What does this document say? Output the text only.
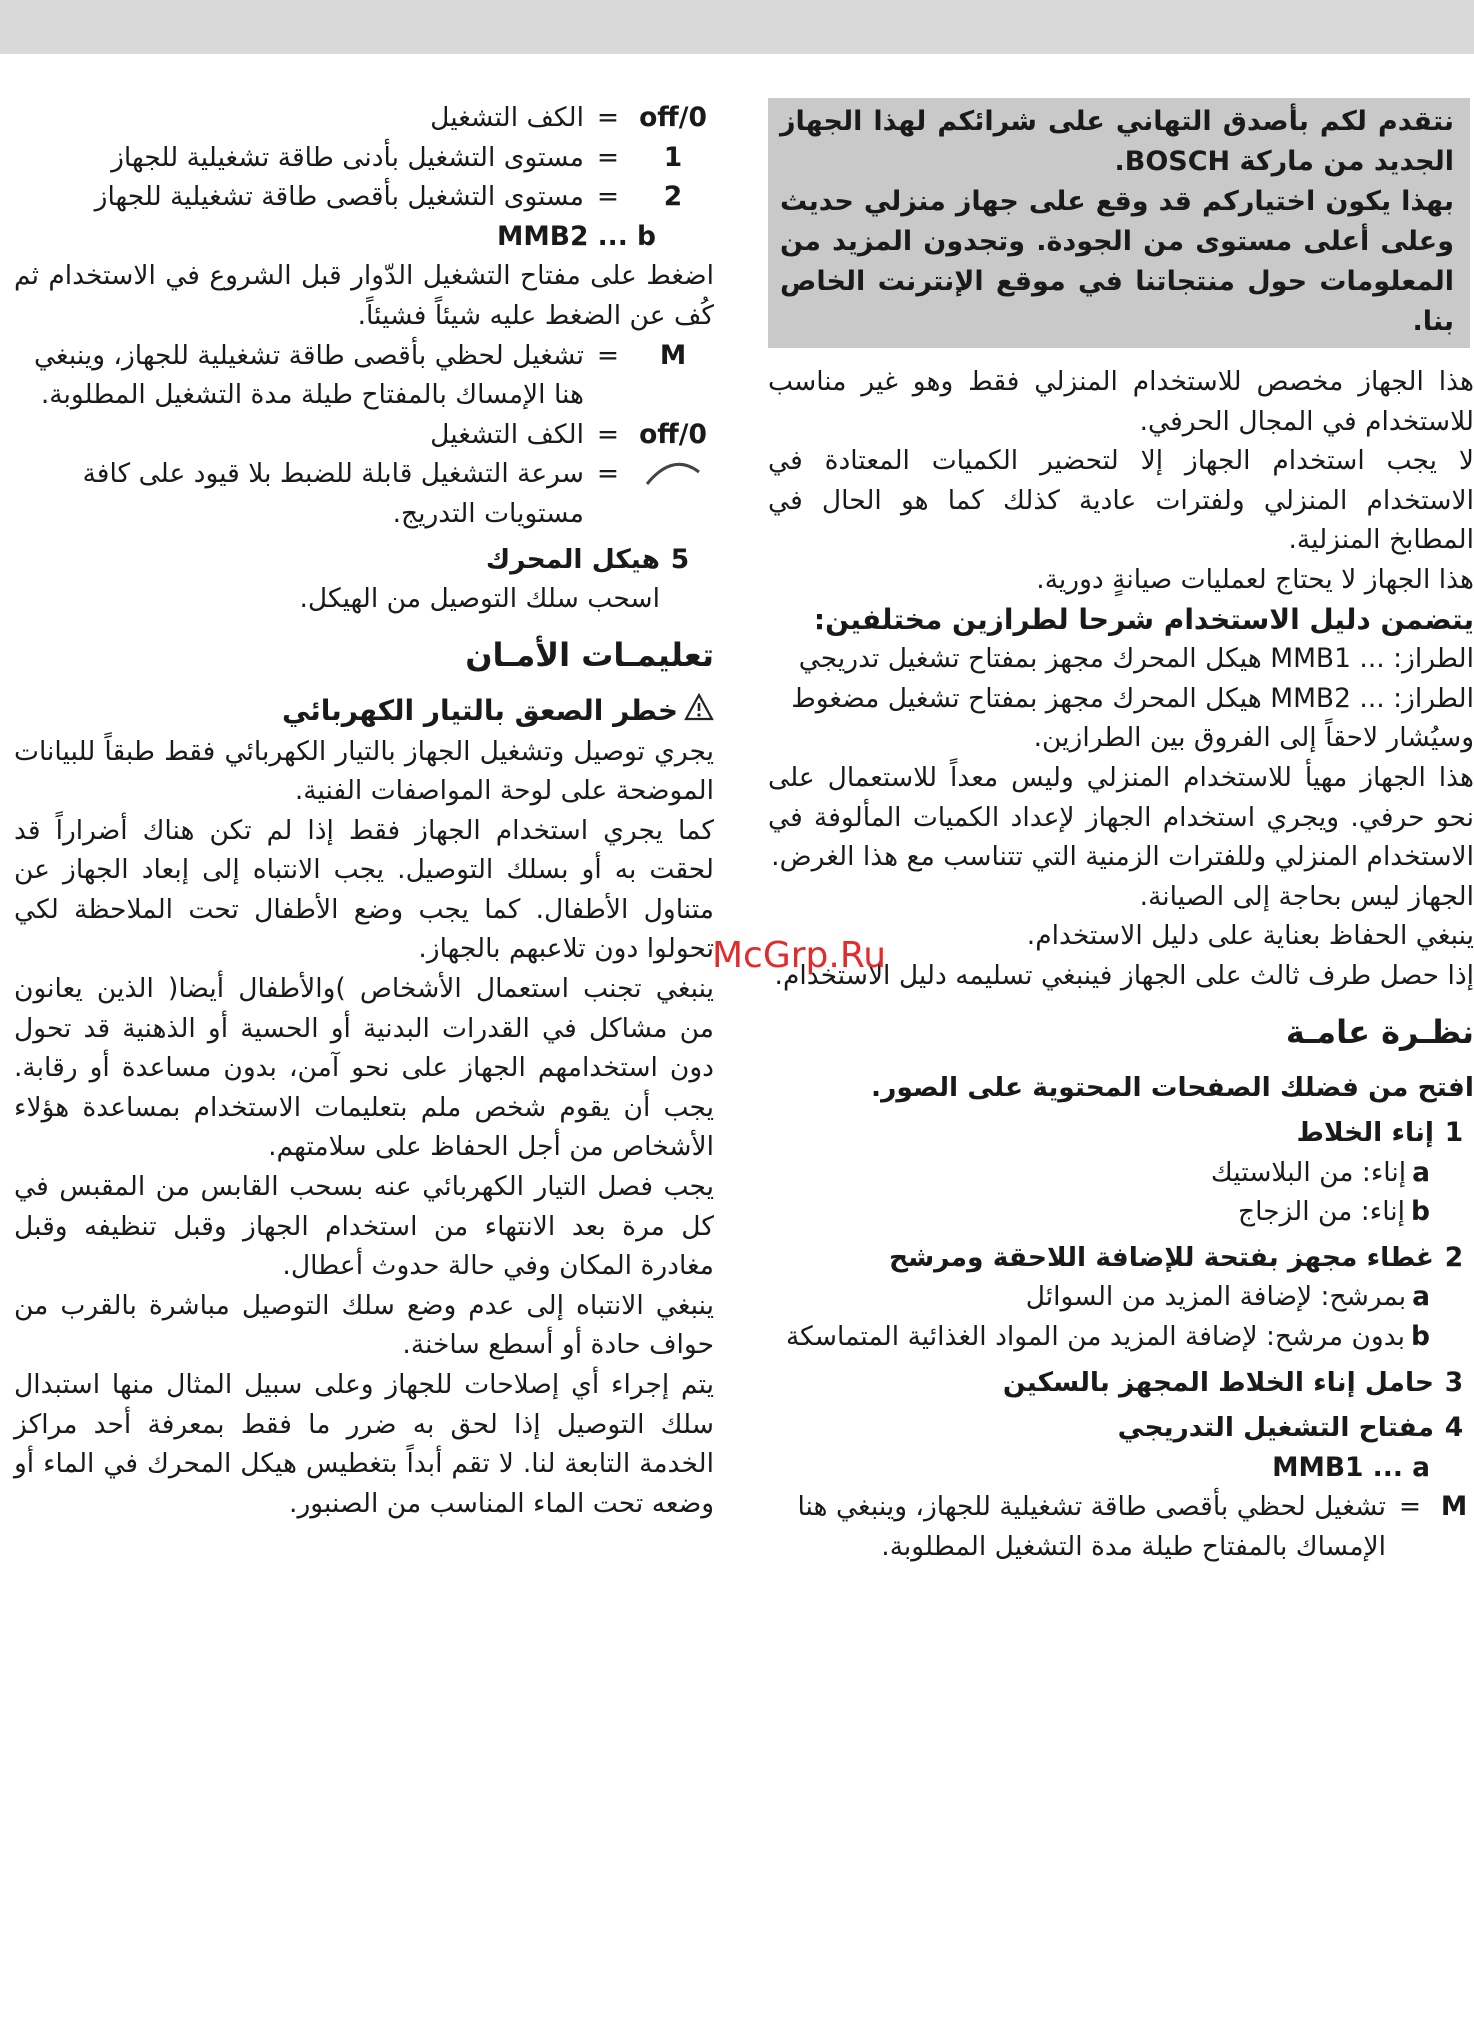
نتقدم لكم بأصدق التهاني على شرائكم لهذا الجهاز الجديد من ماركة BOSCH.

بهذا يكون اختياركم قد وقع على جهاز منزلي حديث وعلى أعلى مستوى من الجودة. وتجدون المزيد من المعلومات حول منتجاتنا في موقع الإنترنت الخاص بنا.

هذا الجهاز مخصص للاستخدام المنزلي فقط وهو غير مناسب للاستخدام في المجال الحرفي.

لا يجب استخدام الجهاز إلا لتحضير الكميات المعتادة في الاستخدام المنزلي ولفترات عادية كذلك كما هو الحال في المطابخ المنزلية.

هذا الجهاز لا يحتاج لعمليات صيانةٍ دورية.

يتضمن دليل الاستخدام شرحا لطرازين مختلفين:

الطراز: ... MMB1 هيكل المحرك مجهز بمفتاح تشغيل تدريجي

الطراز: ... MMB2 هيكل المحرك مجهز بمفتاح تشغيل مضغوط

وسيُشار لاحقاً إلى الفروق بين الطرازين.

هذا الجهاز مهيأ للاستخدام المنزلي وليس معداً للاستعمال على نحو حرفي. ويجري استخدام الجهاز لإعداد الكميات المألوفة في الاستخدام المنزلي وللفترات الزمنية التي تتناسب مع هذا الغرض.

الجهاز ليس بحاجة إلى الصيانة.

ينبغي الحفاظ بعناية على دليل الاستخدام.

إذا حصل طرف ثالث على الجهاز فينبغي تسليمه دليل الاستخدام.

نظـرة عامـة

افتح من فضلك الصفحات المحتوية على الصور.

1
إناء الخلاط
a
إناء: من البلاستيك
b
إناء: من الزجاج
2
غطاء مجهز بفتحة للإضافة اللاحقة ومرشح
a
بمرشح: لإضافة المزيد من السوائل
b
بدون مرشح: لإضافة المزيد من المواد الغذائية المتماسكة
3
حامل إناء الخلاط المجهز بالسكين
4
مفتاح التشغيل التدريجي
MMB1 ... a
M
=
تشغيل لحظي بأقصى طاقة تشغيلية للجهاز، وينبغي هنا الإمساك بالمفتاح طيلة مدة التشغيل المطلوبة.
off/0
=
الكف التشغيل
1
=
مستوى التشغيل بأدنى طاقة تشغيلية للجهاز
2
=
مستوى التشغيل بأقصى طاقة تشغيلية للجهاز
MMB2 ... b

اضغط على مفتاح التشغيل الدّوار قبل الشروع في الاستخدام ثم كُف عن الضغط عليه شيئاً فشيئاً.

M
=
تشغيل لحظي بأقصى طاقة تشغيلية للجهاز، وينبغي هنا الإمساك بالمفتاح طيلة مدة التشغيل المطلوبة.
off/0
=
الكف التشغيل
=
سرعة التشغيل قابلة للضبط بلا قيود على كافة مستويات التدريج.
5
هيكل المحرك

اسحب سلك التوصيل من الهيكل.

تعليمـات الأمـان

خطر الصعق بالتيار الكهربائي

يجري توصيل وتشغيل الجهاز بالتيار الكهربائي فقط طبقاً للبيانات الموضحة على لوحة المواصفات الفنية.

كما يجري استخدام الجهاز فقط إذا لم تكن هناك أضراراً قد لحقت به أو بسلك التوصيل. يجب الانتباه إلى إبعاد الجهاز عن متناول الأطفال. كما يجب وضع الأطفال تحت الملاحظة لكي تحولوا دون تلاعبهم بالجهاز.

ينبغي تجنب استعمال الأشخاص )والأطفال أيضا( الذين يعانون من مشاكل في القدرات البدنية أو الحسية أو الذهنية قد تحول دون استخدامهم الجهاز على نحو آمن، بدون مساعدة أو رقابة. يجب أن يقوم شخص ملم بتعليمات الاستخدام بمساعدة هؤلاء الأشخاص من أجل الحفاظ على سلامتهم.

يجب فصل التيار الكهربائي عنه بسحب القابس من المقبس في كل مرة بعد الانتهاء من استخدام الجهاز وقبل تنظيفه وقبل مغادرة المكان وفي حالة حدوث أعطال.

ينبغي الانتباه إلى عدم وضع سلك التوصيل مباشرة بالقرب من حواف حادة أو أسطع ساخنة.

يتم إجراء أي إصلاحات للجهاز وعلى سبيل المثال منها استبدال سلك التوصيل إذا لحق به ضرر ما فقط بمعرفة أحد مراكز الخدمة التابعة لنا. لا تقم أبداً بتغطيس هيكل المحرك في الماء أو وضعه تحت الماء المناسب من الصنبور.

McGrp.Ru
